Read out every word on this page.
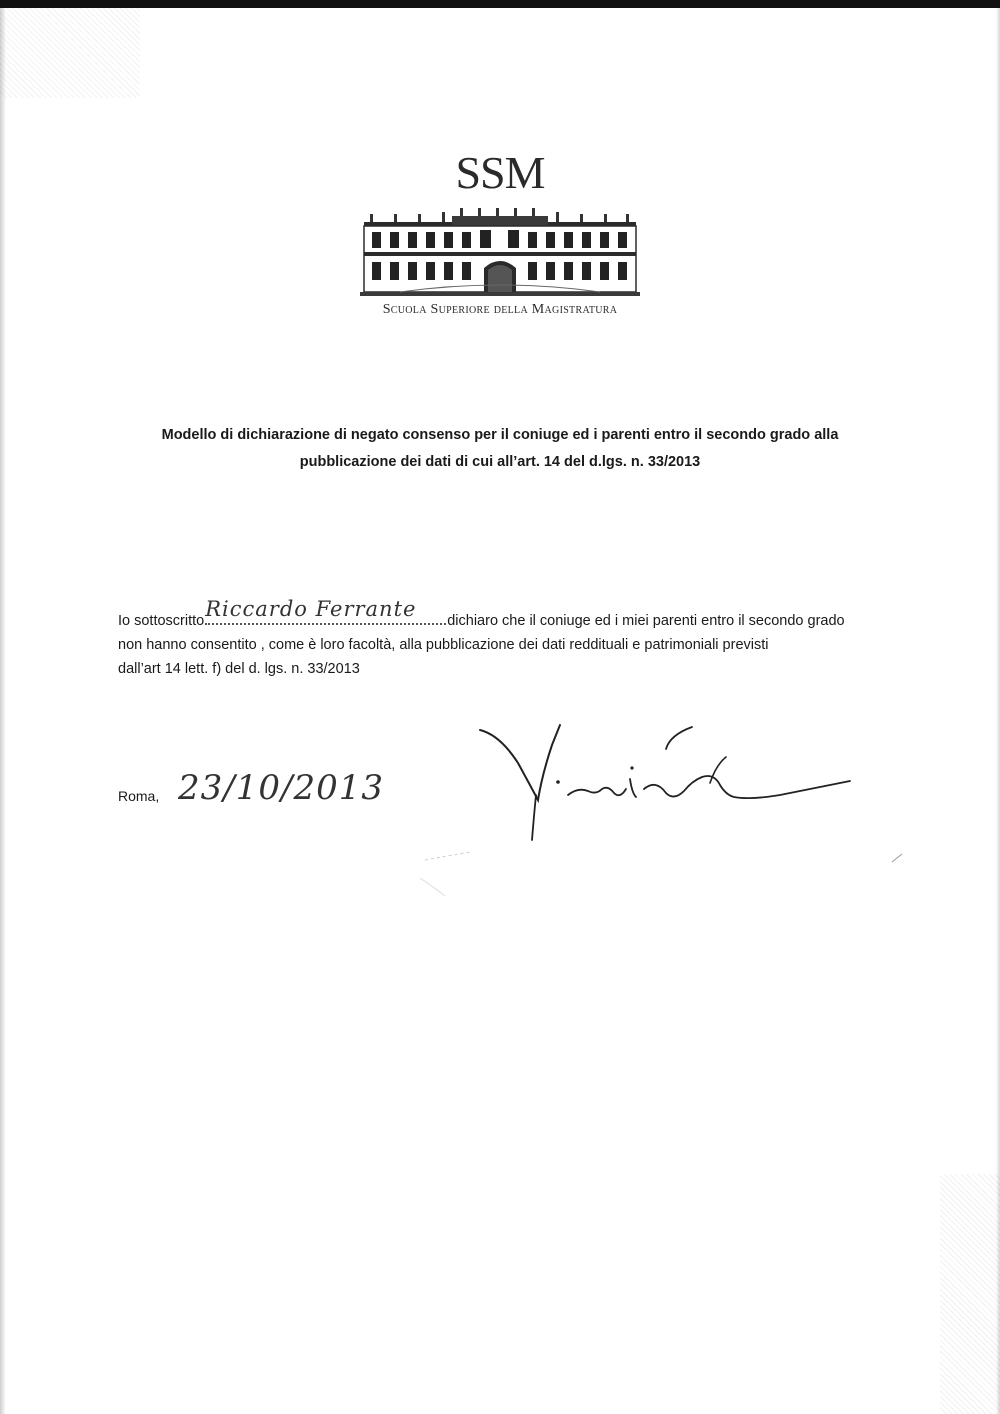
SSM
Scuola Superiore della Magistratura
Modello di dichiarazione di negato consenso per il coniuge ed i parenti entro il secondo grado alla
pubblicazione dei dati di cui all’art. 14 del d.lgs. n. 33/2013
Io sottoscritto Riccardo Ferrante	dichiaro che il coniuge ed i miei parenti entro il secondo grado
non hanno consentito , come è loro facoltà, alla pubblicazione dei dati reddituali e patrimoniali previsti
dall’art 14 lett. f) del d. lgs. n. 33/2013
Roma, 23/10/2013
